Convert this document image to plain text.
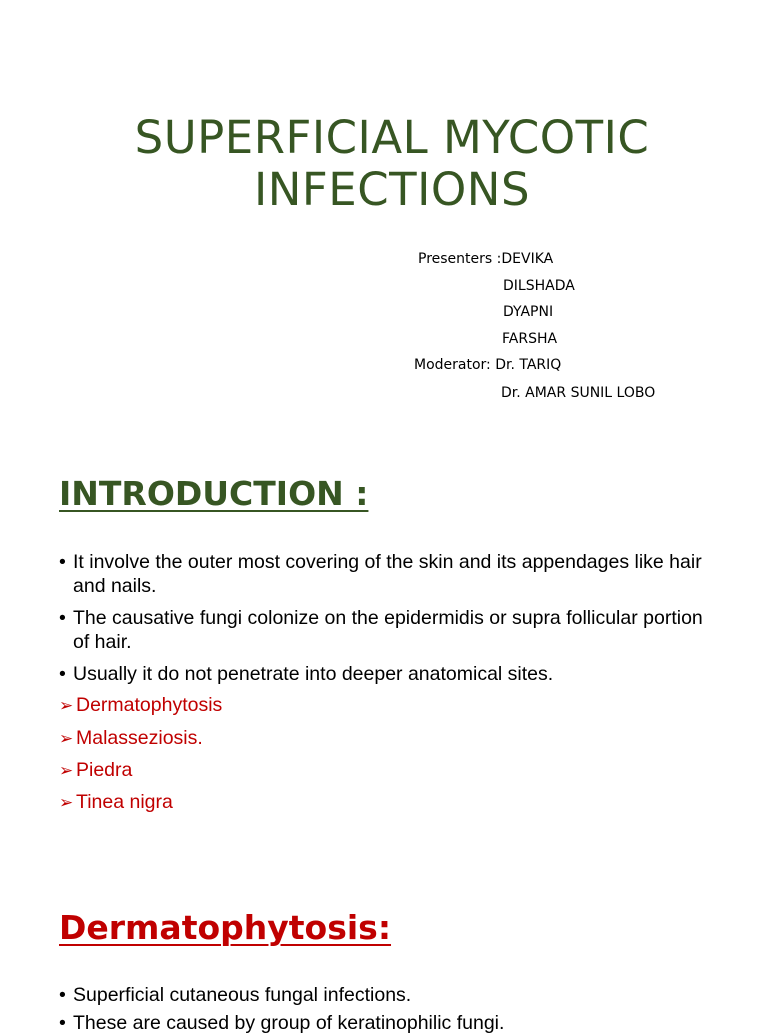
SUPERFICIAL MYCOTIC
INFECTIONS
Presenters :DEVIKA
DILSHADA
DYAPNI
FARSHA
Moderator: Dr. TARIQ
Dr. AMAR SUNIL LOBO
INTRODUCTION :
• It involve the outer most covering of the skin and its appendages like hair and nails.
• The causative fungi colonize on the epidermidis or supra follicular portion of hair.
• Usually it do not penetrate into deeper anatomical sites.
➢ Dermatophytosis
➢ Malasseziosis.
➢ Piedra
➢ Tinea nigra
Dermatophytosis:
• Superficial cutaneous fungal infections.
• These are caused by group of keratinophilic fungi.
